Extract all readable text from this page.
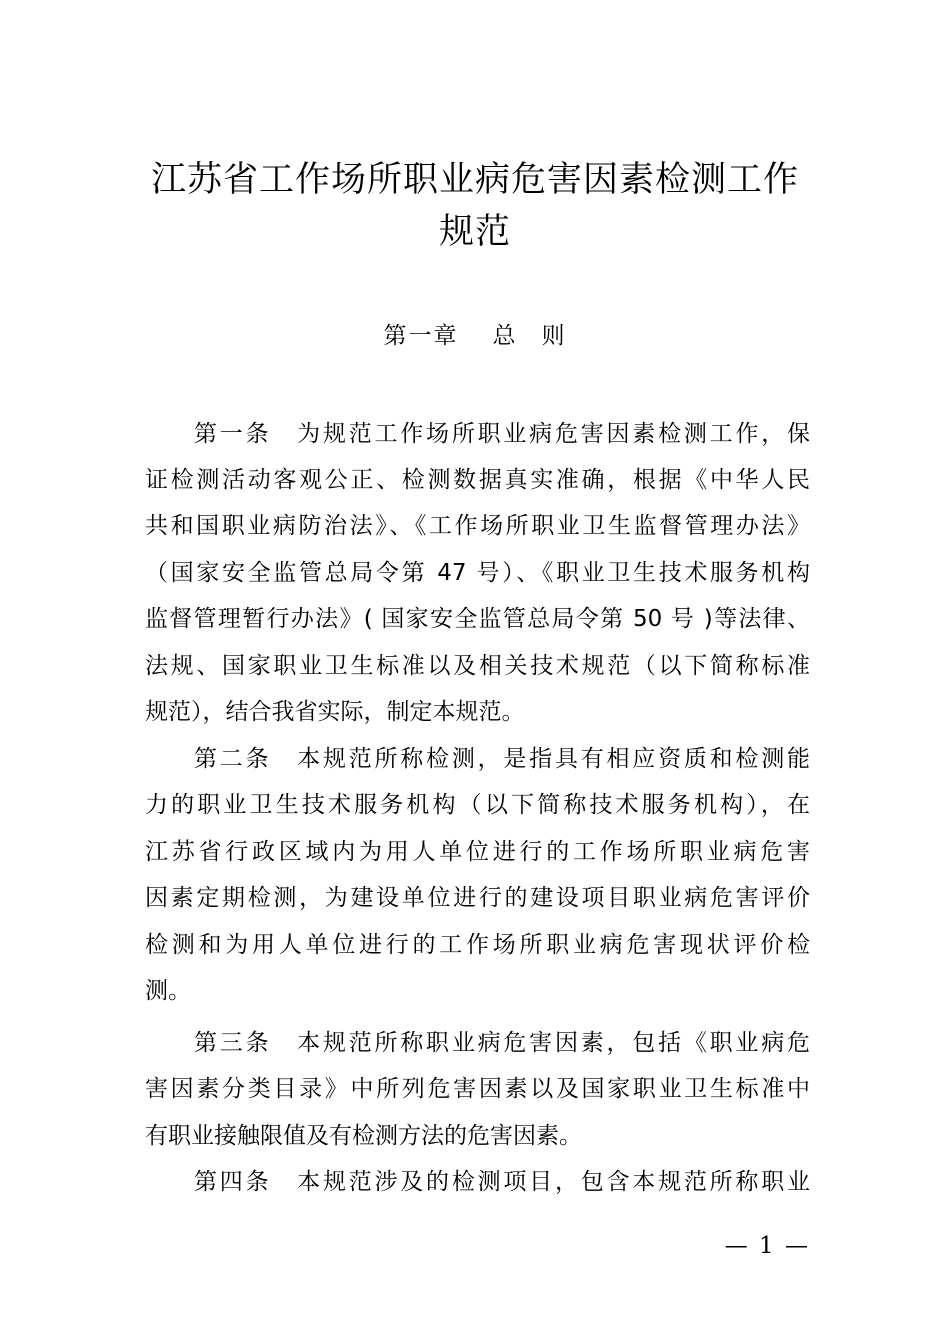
江苏省工作场所职业病危害因素检测工作
规范
第一章 总 则
第一条　为规范工作场所职业病危害因素检测工作，保
证检测活动客观公正、检测数据真实准确，根据《中华人民
共和国职业病防治法》、《工作场所职业卫生监督管理办法》
（国家安全监管总局令第 47 号）、《职业卫生技术服务机构
监督管理暂行办法》( 国家安全监管总局令第 50 号 )等法律、
法规、国家职业卫生标准以及相关技术规范（以下简称标准
规范），结合我省实际，制定本规范。
第二条　本规范所称检测，是指具有相应资质和检测能
力的职业卫生技术服务机构（以下简称技术服务机构），在
江苏省行政区域内为用人单位进行的工作场所职业病危害
因素定期检测，为建设单位进行的建设项目职业病危害评价
检测和为用人单位进行的工作场所职业病危害现状评价检
测。
第三条　本规范所称职业病危害因素，包括《职业病危
害因素分类目录》中所列危害因素以及国家职业卫生标准中
有职业接触限值及有检测方法的危害因素。
第四条　本规范涉及的检测项目，包含本规范所称职业
— 1 —
